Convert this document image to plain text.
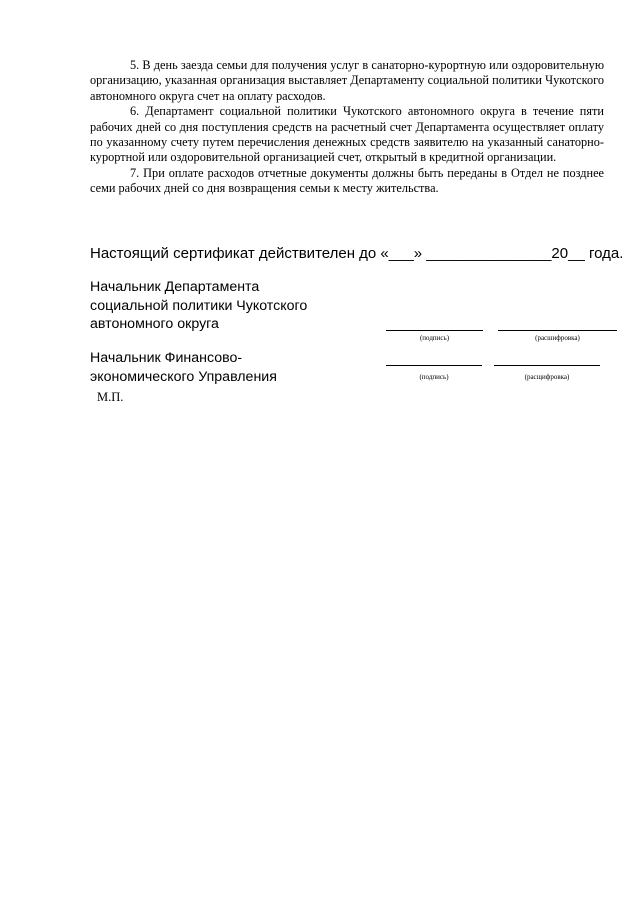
5. В день заезда семьи для получения услуг в санаторно-курортную или оздоровительную организацию, указанная организация выставляет Департаменту социальной политики Чукотского автономного округа счет на оплату расходов.

6. Департамент социальной политики Чукотского автономного округа в течение пяти рабочих дней со дня поступления средств на расчетный счет Департамента осуществляет оплату по указанному счету путем перечисления денежных средств заявителю на указанный санаторно-курортной или оздоровительной организацией счет, открытый в кредитной организации.

7. При оплате расходов отчетные документы должны быть переданы в Отдел не позднее семи рабочих дней со дня возвращения семьи к месту жительства.

Настоящий сертификат действителен до «___» _______________20__ года.
Начальник Департамента
социальной политики Чукотского
автономного округа
(подпись)	(расшифровка)
Начальник Финансово-
экономического Управления	(подпись)	(расщифровка)
М.П.
